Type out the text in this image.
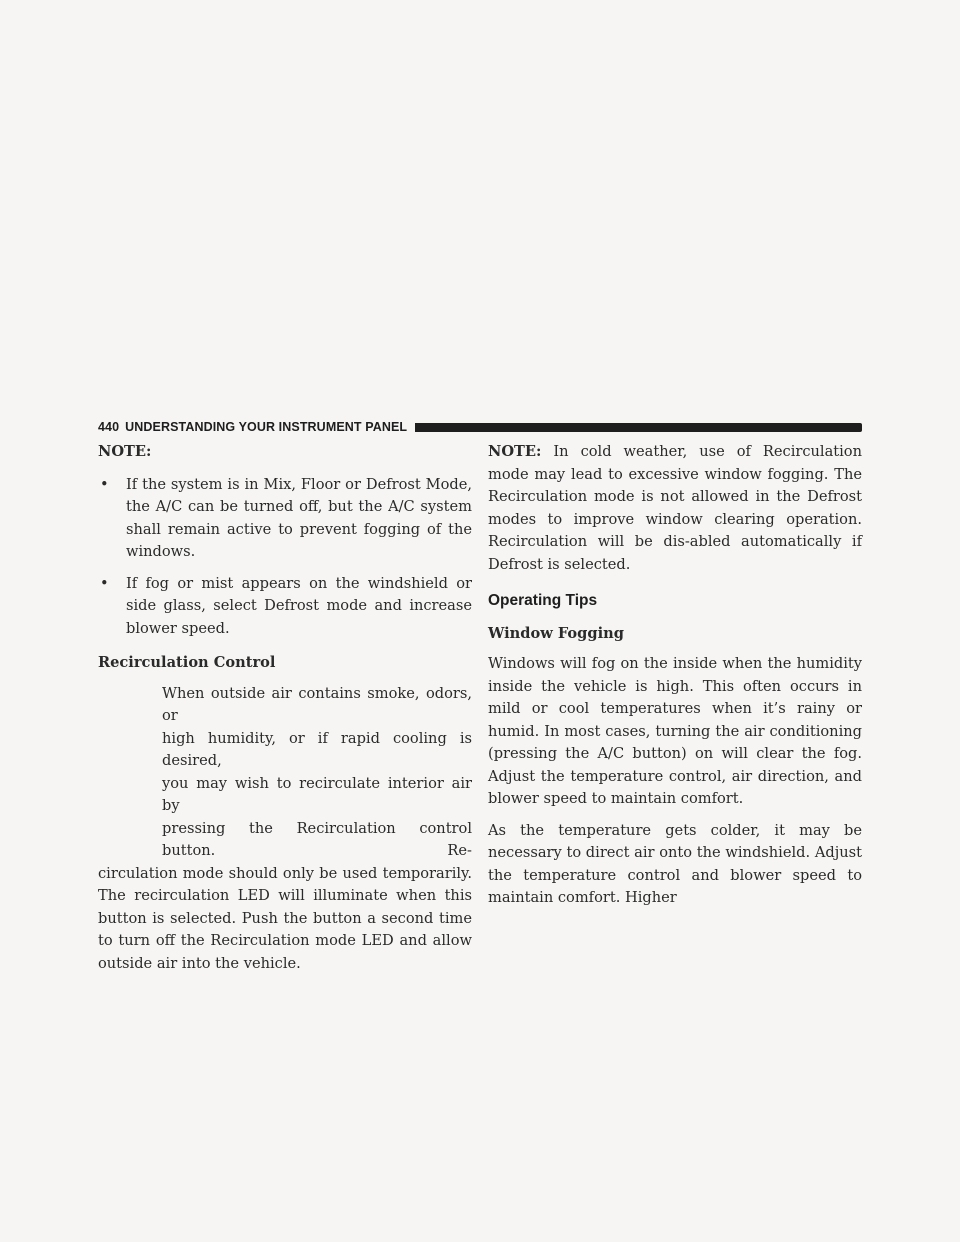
440 UNDERSTANDING YOUR INSTRUMENT PANEL

NOTE:

• If the system is in Mix, Floor or Defrost Mode, the A/C can be turned off, but the A/C system shall remain active to prevent fogging of the windows.
• If fog or mist appears on the windshield or side glass, select Defrost mode and increase blower speed.

Recirculation Control

When outside air contains smoke, odors, or
high humidity, or if rapid cooling is desired,
you may wish to recirculate interior air by
pressing the Recirculation control button. Re-

circulation mode should only be used temporarily. The recirculation LED will illuminate when this button is selected. Push the button a second time to turn off the Recirculation mode LED and allow outside air into the vehicle.

NOTE: In cold weather, use of Recirculation mode may lead to excessive window fogging. The Recirculation mode is not allowed in the Defrost modes to improve window clearing operation. Recirculation will be dis-abled automatically if Defrost is selected.

Operating Tips

Window Fogging

Windows will fog on the inside when the humidity inside the vehicle is high. This often occurs in mild or cool temperatures when it’s rainy or humid. In most cases, turning the air conditioning (pressing the A/C button) on will clear the fog. Adjust the temperature control, air direction, and blower speed to maintain comfort.

As the temperature gets colder, it may be necessary to direct air onto the windshield. Adjust the temperature control and blower speed to maintain comfort. Higher
